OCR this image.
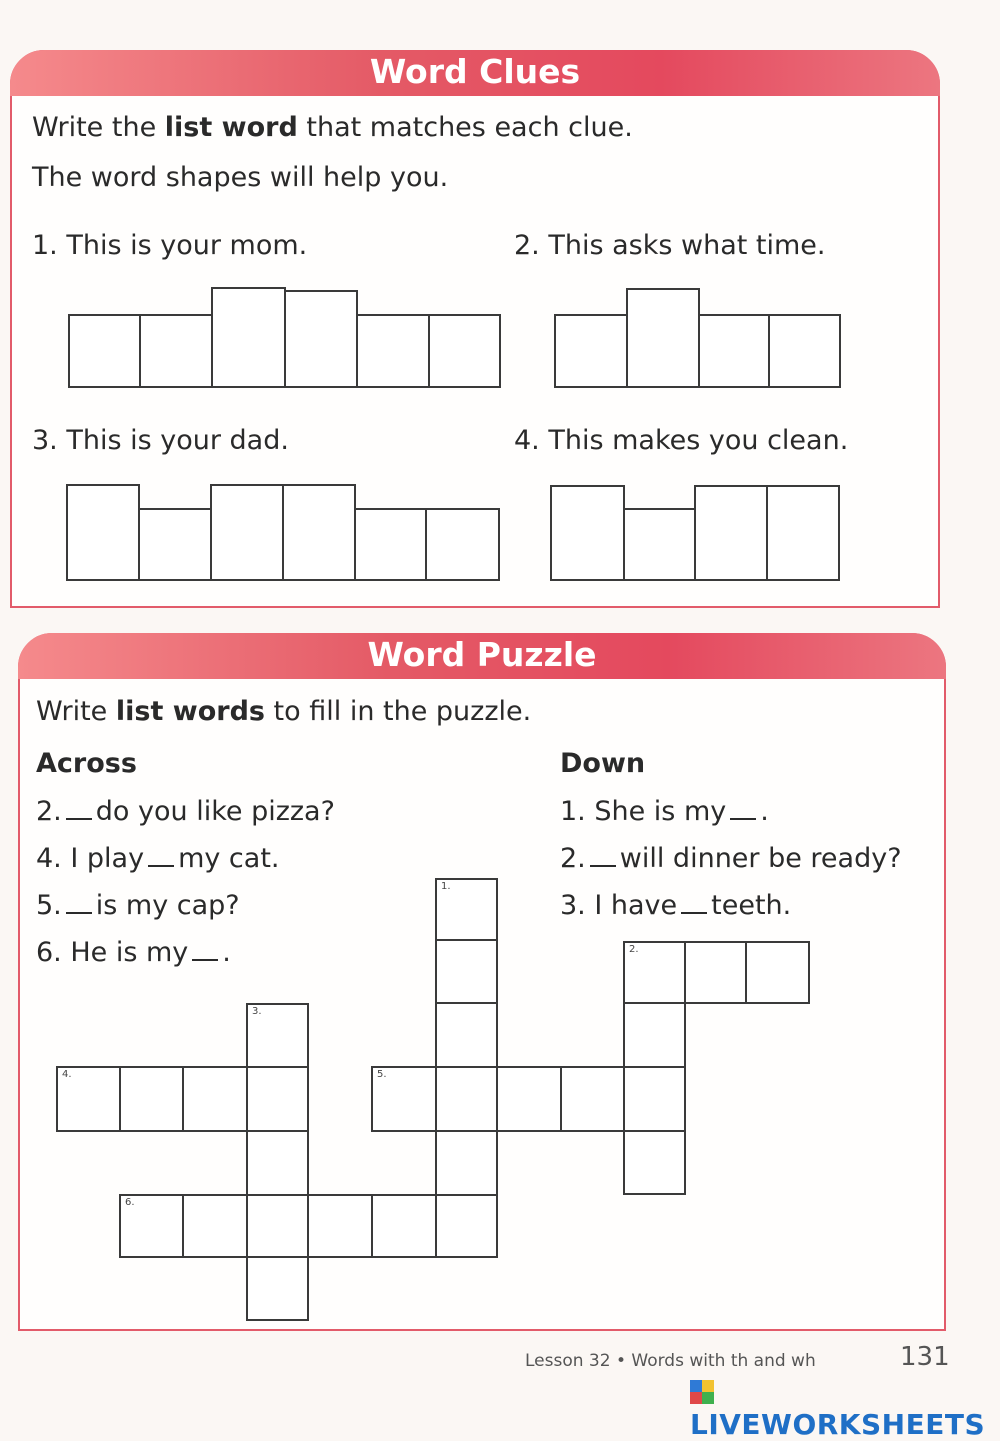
Word Clues
Write the list word that matches each clue.
The word shapes will help you.
1. This is your mom.	2. This asks what time.
3. This is your dad.	4. This makes you clean.
Word Puzzle
Write list words to fill in the puzzle.
Across	Down
2. do you like pizza?
4. I play my cat.
5. is my cap?
6. He is my .
1. She is my .
2. will dinner be ready?
3. I have teeth.
1.
2.
3.
4.	5.
6.
Lesson 32 • Words with th and wh	131
LIVEWORKSHEETS
